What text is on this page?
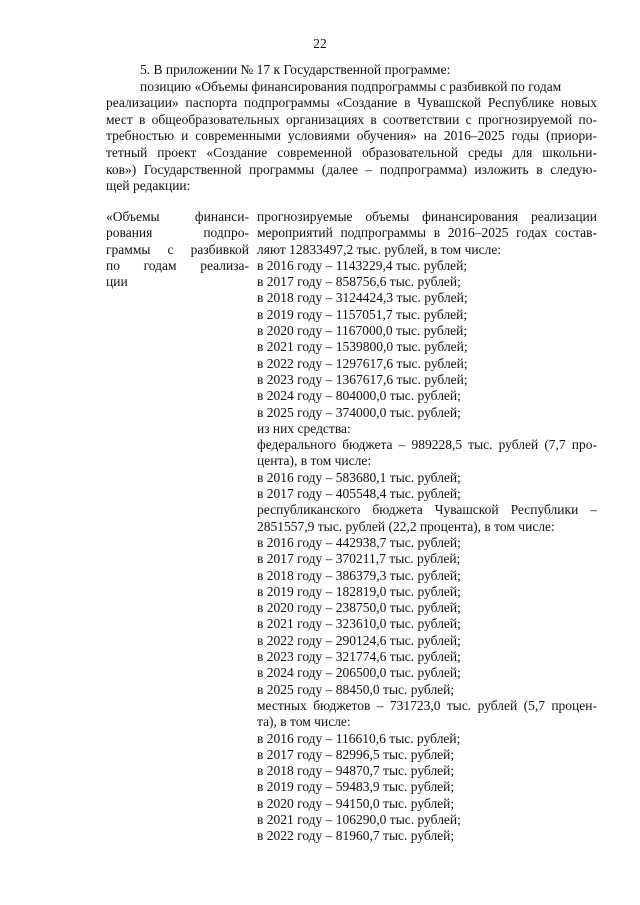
22
5. В приложении № 17 к Государственной программе:
позицию «Объемы финансирования подпрограммы с разбивкой по годам
реализации» паспорта подпрограммы «Создание в Чувашской Республике новых
мест в общеобразовательных организациях в соответствии с прогнозируемой по-
требностью и современными условиями обучения» на 2016–2025 годы (приори-
тетный проект «Создание современной образовательной среды для школьни-
ков») Государственной программы (далее – подпрограмма) изложить в следую-
щей редакции:
«Объемы финанси-
рования подпро-
граммы с разбивкой
по годам реализа-
ции
прогнозируемые объемы финансирования реализации
мероприятий подпрограммы в 2016–2025 годах состав-
ляют 12833497,2 тыс. рублей, в том числе:
в 2016 году – 1143229,4 тыс. рублей;
в 2017 году – 858756,6 тыс. рублей;
в 2018 году – 3124424,3 тыс. рублей;
в 2019 году – 1157051,7 тыс. рублей;
в 2020 году – 1167000,0 тыс. рублей;
в 2021 году – 1539800,0 тыс. рублей;
в 2022 году – 1297617,6 тыс. рублей;
в 2023 году – 1367617,6 тыс. рублей;
в 2024 году – 804000,0 тыс. рублей;
в 2025 году – 374000,0 тыс. рублей;
из них средства:
федерального бюджета – 989228,5 тыс. рублей (7,7 про-
цента), в том числе:
в 2016 году – 583680,1 тыс. рублей;
в 2017 году – 405548,4 тыс. рублей;
республиканского бюджета Чувашской Республики –
2851557,9 тыс. рублей (22,2 процента), в том числе:
в 2016 году – 442938,7 тыс. рублей;
в 2017 году – 370211,7 тыс. рублей;
в 2018 году – 386379,3 тыс. рублей;
в 2019 году – 182819,0 тыс. рублей;
в 2020 году – 238750,0 тыс. рублей;
в 2021 году – 323610,0 тыс. рублей;
в 2022 году – 290124,6 тыс. рублей;
в 2023 году – 321774,6 тыс. рублей;
в 2024 году – 206500,0 тыс. рублей;
в 2025 году – 88450,0 тыс. рублей;
местных бюджетов – 731723,0 тыс. рублей (5,7 процен-
та), в том числе:
в 2016 году – 116610,6 тыс. рублей;
в 2017 году – 82996,5 тыс. рублей;
в 2018 году – 94870,7 тыс. рублей;
в 2019 году – 59483,9 тыс. рублей;
в 2020 году – 94150,0 тыс. рублей;
в 2021 году – 106290,0 тыс. рублей;
в 2022 году – 81960,7 тыс. рублей;
